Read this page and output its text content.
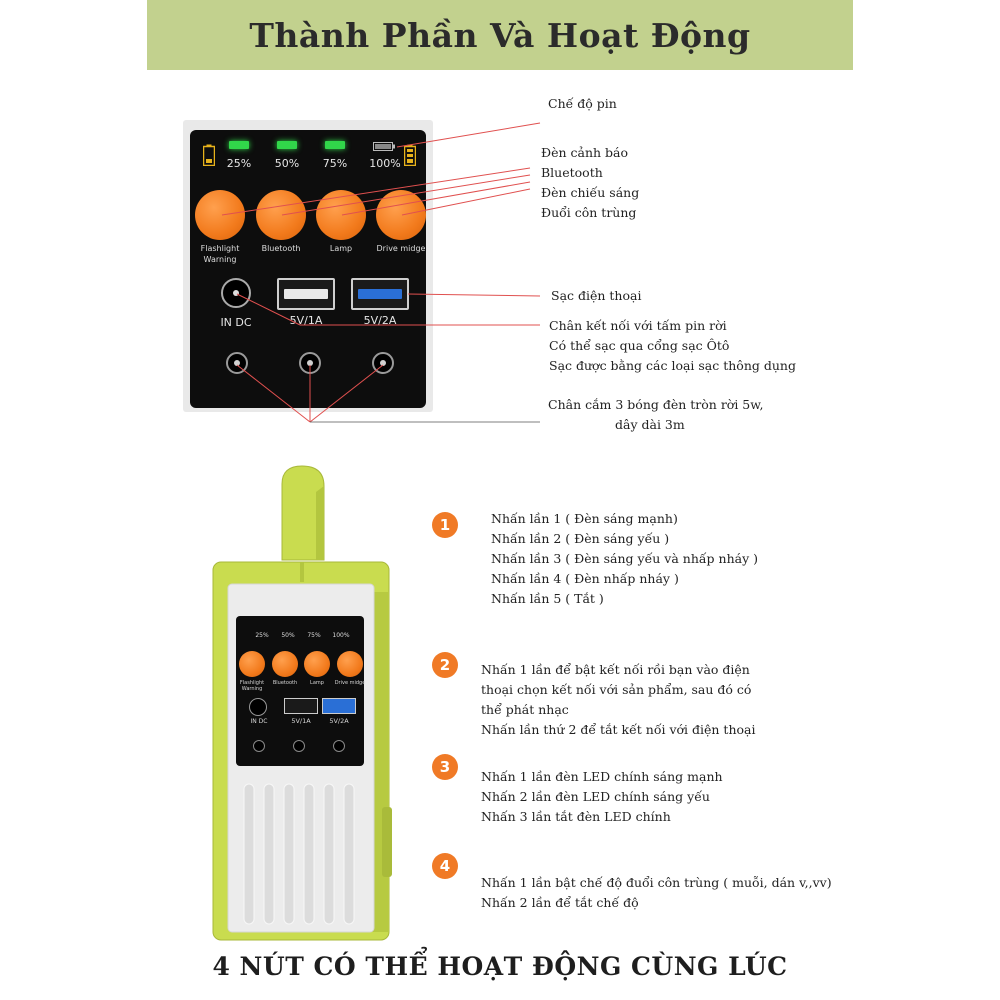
Thành Phần Và Hoạt Động
25%	50%	75%	100%
Flashlight
Warning
Bluetooth	Lamp	Drive midge
IN DC	5V/1A	5V/2A
Chế độ pin
Đèn cảnh báo
Bluetooth
Đèn chiếu sáng
Đuổi côn trùng
Sạc điện thoại
Chân kết nối với tấm pin rời
Có thể sạc qua cổng sạc Ôtô
Sạc được bằng các loại sạc thông dụng
Chân cắm 3 bóng đèn tròn rời 5w,
dây dài 3m
25%	50%	75%	100%
Flashlight
Warning
Bluetooth	Lamp	Drive midge
IN DC	5V/1A	5V/2A
1	Nhấn lần 1 ( Đèn sáng mạnh)
Nhấn lần 2 ( Đèn sáng yếu )
Nhấn lần 3 ( Đèn sáng yếu và nhấp nháy )
Nhấn lần 4 ( Đèn nhấp nháy )
Nhấn lần 5 ( Tắt )
2	Nhấn 1 lần để bật kết nối rồi bạn vào điện
thoại chọn kết nối với sản phẩm, sau đó có
thể phát nhạc
Nhấn lần thứ 2 để tắt kết nối với điện thoại
3
Nhấn 1 lần đèn LED chính sáng mạnh
Nhấn 2 lần đèn LED chính sáng yếu
Nhấn 3 lần tắt đèn LED chính
4
Nhấn 1 lần bật chế độ đuổi côn trùng ( muỗi, dán v,,vv)
Nhấn 2 lần để tắt chế độ
4 NÚT CÓ THỂ HOẠT ĐỘNG CÙNG LÚC
